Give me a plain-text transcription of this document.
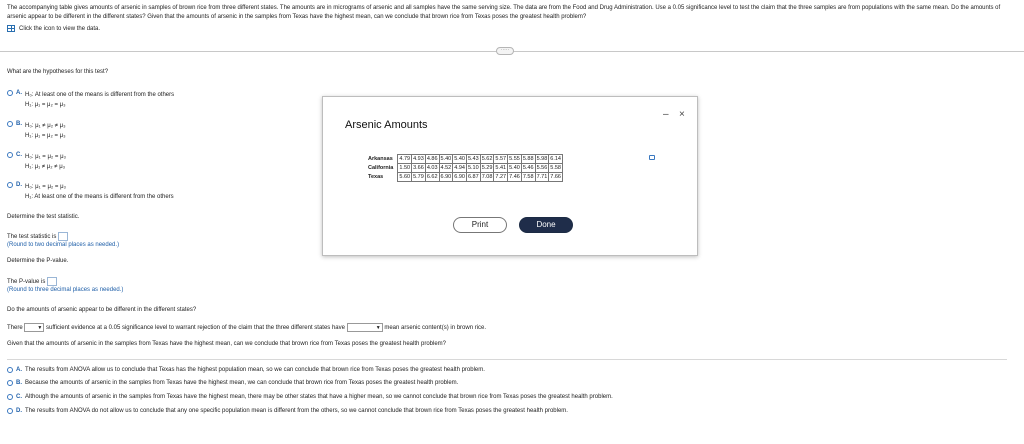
The accompanying table gives amounts of arsenic in samples of brown rice from three different states. The amounts are in micrograms of arsenic and all samples have the same serving size. The data are from the Food and Drug Administration. Use a 0.05 significance level to test the claim that the three samples are from populations with the same mean. Do the amounts of arsenic appear to be different in the different states? Given that the amounts of arsenic in the samples from Texas have the highest mean, can we conclude that brown rice from Texas poses the greatest health problem?
Click the icon to view the data.
·····
What are the hypotheses for this test?
A. H₀: At least one of the means is different from the others
H₁: μ₁ = μ₂ = μ₃
B. H₀: μ₁ ≠ μ₂ ≠ μ₃
H₁: μ₁ = μ₂ = μ₃
C. H₀: μ₁ = μ₂ = μ₃
H₁: μ₁ ≠ μ₂ ≠ μ₃
D. H₀: μ₁ = μ₂ = μ₃
H₁: At least one of the means is different from the others
Determine the test statistic.
The test statistic is
(Round to two decimal places as needed.)
Determine the P-value.
The P-value is
(Round to three decimal places as needed.)
Do the amounts of arsenic appear to be different in the different states?
There	▼ sufficient evidence at a 0.05 significance level to warrant rejection of the claim that the three different states have	▼ mean arsenic content(s) in brown rice.
Given that the amounts of arsenic in the samples from Texas have the highest mean, can we conclude that brown rice from Texas poses the greatest health problem?
A. The results from ANOVA allow us to conclude that Texas has the highest population mean, so we can conclude that brown rice from Texas poses the greatest health problem.
B. Because the amounts of arsenic in the samples from Texas have the highest mean, we can conclude that brown rice from Texas poses the greatest health problem.
C. Although the amounts of arsenic in the samples from Texas have the highest mean, there may be other states that have a higher mean, so we cannot conclude that brown rice from Texas poses the greatest health problem.
D. The results from ANOVA do not allow us to conclude that any one specific population mean is different from the others, so we cannot conclude that brown rice from Texas poses the greatest health problem.
Arsenic Amounts
– ×
Arkansas	4.79	4.93	4.86	5.40	5.40	5.43	5.62	5.57	5.55	5.88	5.98	6.14
California	1.50	3.66	4.03	4.52	4.94	5.10	5.29	5.41	5.40	5.46	5.56	5.58
Texas	5.60	5.79	6.62	6.90	6.90	6.87	7.08	7.27	7.46	7.58	7.71	7.66
Print	Done
